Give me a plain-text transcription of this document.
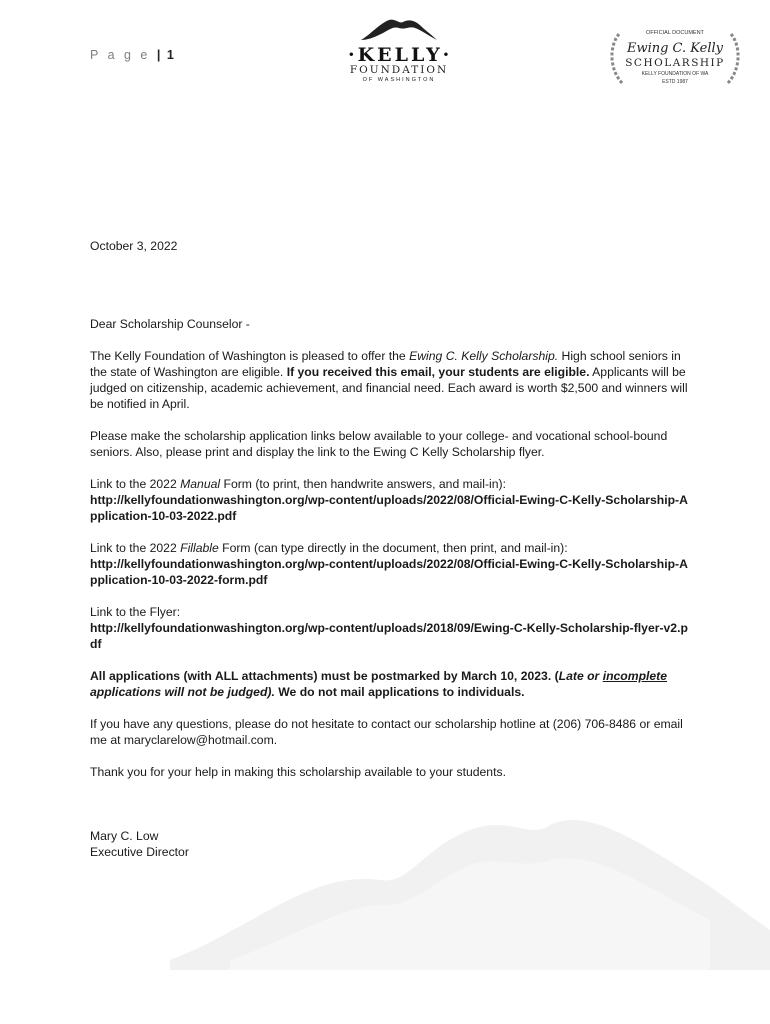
P a g e | 1	·KELLY·
FOUNDATION
OF WASHINGTON
OFFICIAL DOCUMENT
Ewing C. Kelly
SCHOLARSHIP
KELLY FOUNDATION OF WA
ESTD 1987

October 3, 2022

Dear Scholarship Counselor -

The Kelly Foundation of Washington is pleased to offer the Ewing C. Kelly Scholarship. High school seniors in the state of Washington are eligible. If you received this email, your students are eligible. Applicants will be judged on citizenship, academic achievement, and financial need. Each award is worth $2,500 and winners will be notified in April.

Please make the scholarship application links below available to your college- and vocational school-bound seniors. Also, please print and display the link to the Ewing C Kelly Scholarship flyer.

Link to the 2022 Manual Form (to print, then handwrite answers, and mail-in):

http://kellyfoundationwashington.org/wp-content/uploads/2022/08/Official-Ewing-C-Kelly-Scholarship-Application-10-03-2022.pdf

Link to the 2022 Fillable Form (can type directly in the document, then print, and mail-in):

http://kellyfoundationwashington.org/wp-content/uploads/2022/08/Official-Ewing-C-Kelly-Scholarship-Application-10-03-2022-form.pdf

Link to the Flyer:

http://kellyfoundationwashington.org/wp-content/uploads/2018/09/Ewing-C-Kelly-Scholarship-flyer-v2.pdf

All applications (with ALL attachments) must be postmarked by March 10, 2023. (Late or incomplete applications will not be judged). We do not mail applications to individuals.

If you have any questions, please do not hesitate to contact our scholarship hotline at (206) 706-8486 or email me at maryclarelow@hotmail.com.

Thank you for your help in making this scholarship available to your students.

Mary C. Low
Executive Director
